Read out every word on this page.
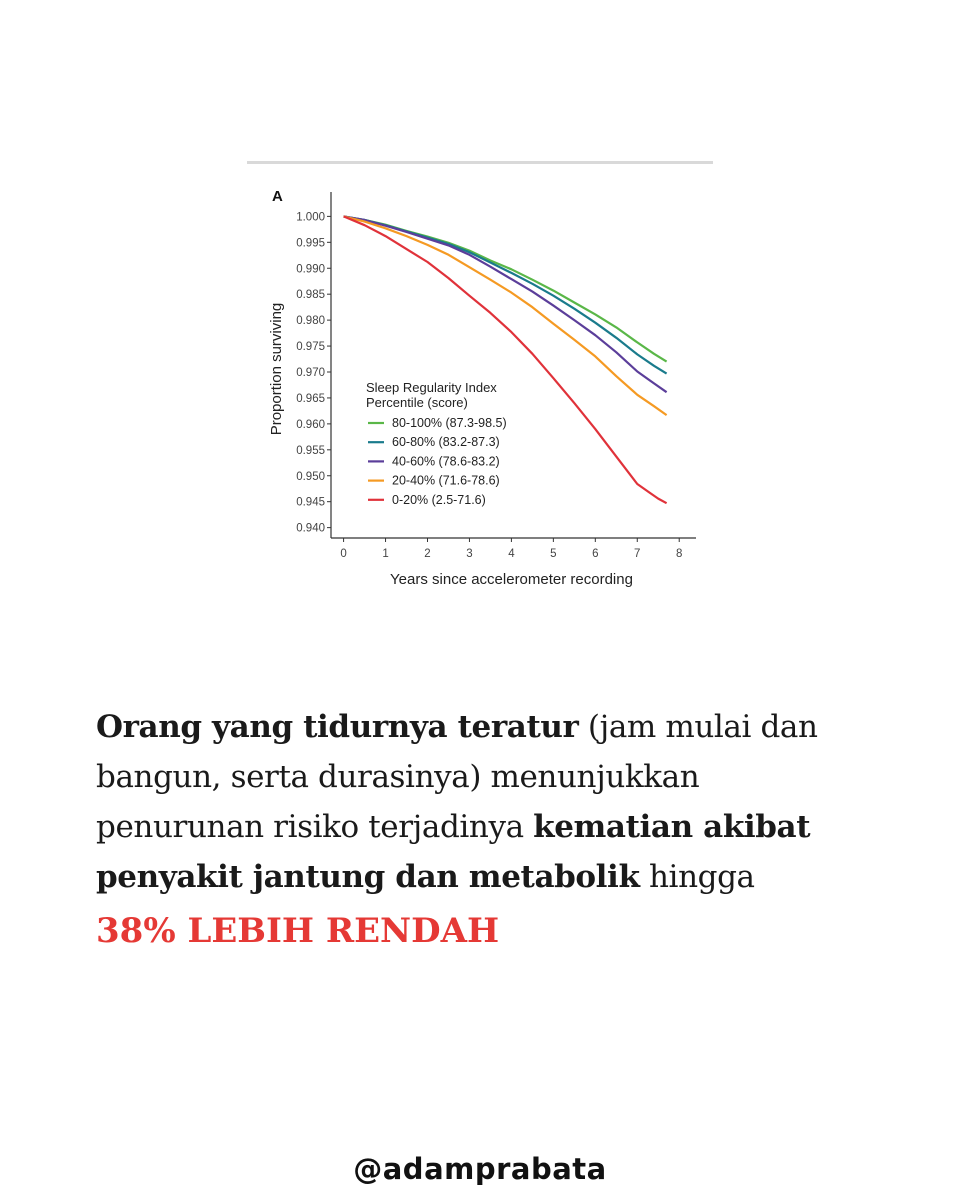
A
1.000
0.995
0.990
0.985
0.980
0.975
0.970
0.965
0.960
0.955
0.950
0.945
0.940
0	1	2	3	4	5	6	7	8
Years since accelerometer recording
Proportion surviving	Sleep Regularity Index
Percentile (score)
80-100% (87.3-98.5)
60-80% (83.2-87.3)
40-60% (78.6-83.2)
20-40% (71.6-78.6)
0-20% (2.5-71.6)
Orang yang tidurnya teratur (jam mulai dan bangun, serta durasinya) menunjukkan penurunan risiko terjadinya kematian akibat penyakit jantung dan metabolik hingga
38% LEBIH RENDAH
@adamprabata
